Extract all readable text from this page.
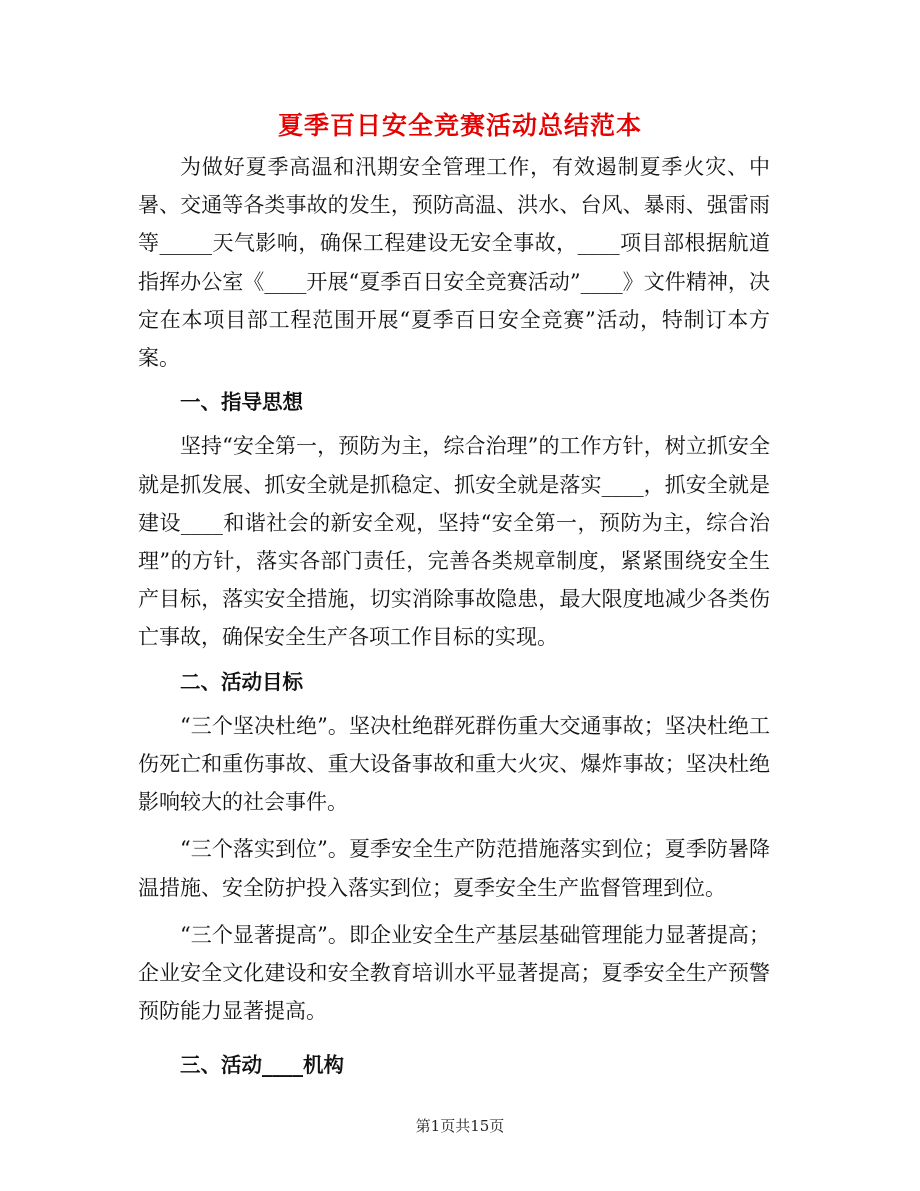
夏季百日安全竞赛活动总结范本

为做好夏季高温和汛期安全管理工作，有效遏制夏季火灾、中暑、交通等各类事故的发生，预防高温、洪水、台风、暴雨、强雷雨等_____天气影响，确保工程建设无安全事故，____项目部根据航道指挥办公室《____开展“夏季百日安全竞赛活动”____》文件精神，决定在本项目部工程范围开展“夏季百日安全竞赛”活动，特制订本方案。

一、指导思想

坚持“安全第一，预防为主，综合治理”的工作方针，树立抓安全就是抓发展、抓安全就是抓稳定、抓安全就是落实____，抓安全就是建设____和谐社会的新安全观，坚持“安全第一，预防为主，综合治理”的方针，落实各部门责任，完善各类规章制度，紧紧围绕安全生产目标，落实安全措施，切实消除事故隐患，最大限度地减少各类伤亡事故，确保安全生产各项工作目标的实现。

二、活动目标

“三个坚决杜绝”。坚决杜绝群死群伤重大交通事故；坚决杜绝工伤死亡和重伤事故、重大设备事故和重大火灾、爆炸事故；坚决杜绝影响较大的社会事件。

“三个落实到位”。夏季安全生产防范措施落实到位；夏季防暑降温措施、安全防护投入落实到位；夏季安全生产监督管理到位。

“三个显著提高”。即企业安全生产基层基础管理能力显著提高；企业安全文化建设和安全教育培训水平显著提高；夏季安全生产预警预防能力显著提高。

三、活动____机构

第1页共15页
